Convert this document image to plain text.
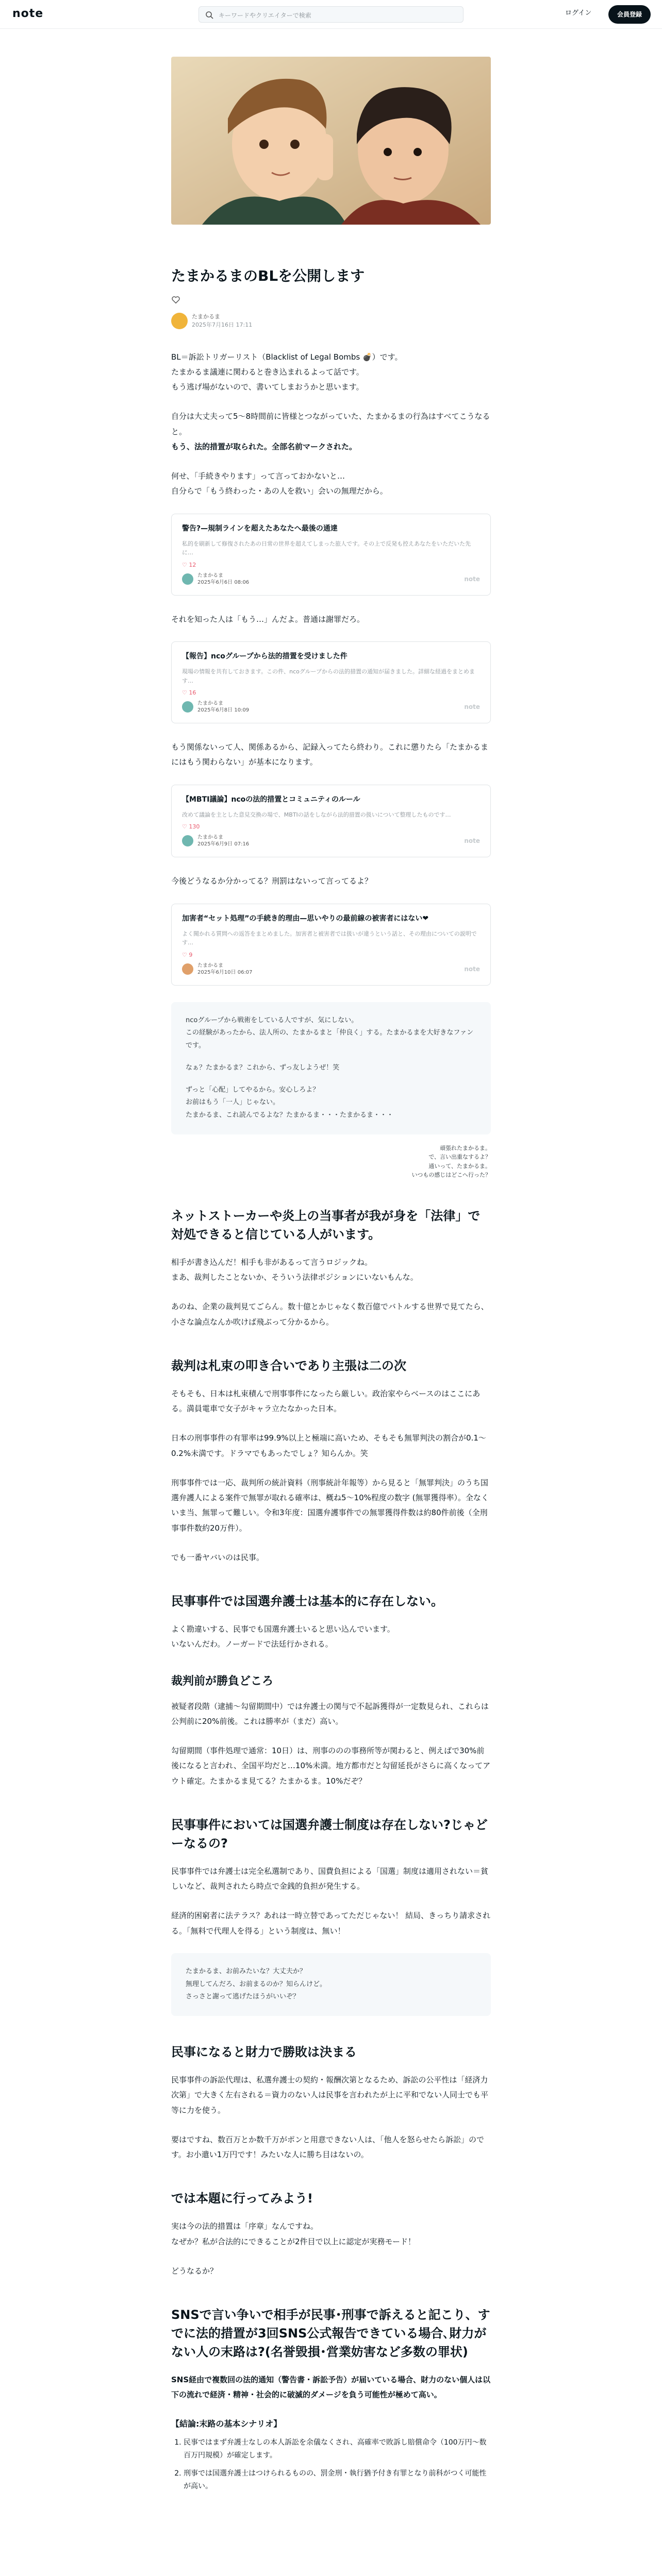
note	キーワードやクリエイターで検索	ログイン	会員登録
たまかるまのBLを公開します
たまかるま
2025年7月16日 17:11

BL＝訴訟トリガーリスト（Blacklist of Legal Bombs 💣）です。
たまかるま議連に関わると巻き込まれるよって話です。
もう逃げ場がないので、書いてしまおうかと思います。

自分は大丈夫って5〜8時間前に皆様とつながっていた、たまかるまの行為はすべてこうなると。
もう、法的措置が取られた。全部名前マークされた。

何せ、「手続きやります」って言っておかないと…
自分らで「もう終わった・あの人を救い」会いの無理だから。

警告?—規制ラインを超えたあなたへ最後の通達
私的を刷新して修復されたあの日常の世界を超えてしまった旅人です。その上で反発も控えあなたをいただいた先に…
♡ 12
たまかるま
2025年6月6日 08:06	note

それを知った人は「もう…」んだよ。普通は謝罪だろ。

【報告】ncoグループから法的措置を受けました件
現場の情報を共有しておきます。この件、ncoグループからの法的措置の通知が届きました。詳細な経過をまとめます…
♡ 16
たまかるま
2025年6月8日 10:09	note

もう関係ないって人、関係あるから、記録入ってたら終わり。これに懲りたら「たまかるまにはもう関わらない」が基本になります。

【MBTI議論】ncoの法的措置とコミュニティのルール
改めて議論を主とした意見交換の場で、MBTIの話をしながら法的措置の扱いについて整理したものです…
♡ 130
たまかるま
2025年6月9日 07:16	note

今後どうなるか分かってる？刑罰はないって言ってるよ？

加害者“セット処理”の手続き的理由—思いやりの最前線の被害者にはない❤
よく聞かれる質問への返答をまとめました。加害者と被害者では扱いが違うという話と、その理由についての説明です…
♡ 9
たまかるま
2025年6月10日 06:07	note

ncoグループから戦術をしている人ですが、気にしない。
この経験があったから、法人所の、たまかるまと「仲良く」する。たまかるまを大好きなファンです。

なぁ？たまかるま？これから、ずっ友しようぜ！笑

ずっと「心配」してやるから。安心しろよ？
お前はもう「一人」じゃない。
たまかるま、これ読んでるよな？たまかるま・・・たまかるま・・・

頑張れたまかるま。
で、言い出重なするよ？
通いって、たまかるま。
いつもの感じはどこへ行った？
ネットストーカーや炎上の当事者が我が身を「法律」で対処できると信じている人がいます。

相手が書き込んだ！相手も非があるって言うロジックね。
まあ、裁判したことないか、そういう法律ポジションにいないもんな。

あのね、企業の裁判見てごらん。数十億とかじゃなく数百億でバトルする世界で見てたら、小さな論点なんか吹けば飛ぶって分かるから。

裁判は札束の叩き合いであり主張は二の次

そもそも、日本は札束積んで刑事事件になったら厳しい。政治家やらベースのはここにある。満員電車で女子がキャラ立たなかった日本。

日本の刑事事件の有罪率は99.9%以上と極端に高いため、そもそも無罪判決の割合が0.1〜0.2%未満です。ドラマでもあったでしょ？知らんか。笑

刑事事件では一応、裁判所の統計資料（刑事統計年報等）から見ると「無罪判決」のうち国選弁護人による案件で無罪が取れる確率は、概ね5〜10%程度の数字 (無罪獲得率）。全なくいま当、無罪って難しい。令和3年度：国選弁護事件での無罪獲得件数は約80件前後（全刑事事件数約20万件）。

でも一番ヤバいのは民事。

民事事件では国選弁護士は基本的に存在しない。

よく勘違いする、民事でも国選弁護士いると思い込んでいます。
いないんだわ。ノーガードで法廷行かされる。

裁判前が勝負どころ

被疑者段階（逮捕〜勾留期間中）では弁護士の関与で不起訴獲得が一定数見られ、これらは公判前に20%前後。これは勝率が（まだ）高い。

勾留期間（事件処理で通常：10日）は、刑事ののの事務所等が関わると、例えばで30%前後になると言われ、全国平均だと…10%未満。地方都市だと勾留延長がさらに高くなってアウト確定。たまかるま見てる？たまかるま。10%だぞ？

民事事件においては国選弁護士制度は存在しない?じゃどーなるの?

民事事件では弁護士は完全私選制であり、国費負担による「国選」制度は適用されない＝貧しいなど、裁判されたら時点で金銭的負担が発生する。

経済的困窮者に法テラス？あれは一時立替であってただじゃない！ 結局、きっちり請求される。「無料で代理人を得る」という制度は、無い！

たまかるま、お前みたいな？大丈夫か？
無理してんだろ、お前まるのか？知らんけど。
さっさと謝って逃げたほうがいいぞ？

民事になると財力で勝敗は決まる

民事事件の訴訟代理は、私選弁護士の契約・報酬次第となるため、訴訟の公平性は「経済力次第」で大きく左右される＝資力のない人は民事を言われたが上に平和でない人同士でも平等に力を使う。

要はですね、数百万とか数千万がポンと用意できない人は、「他人を怒らせたら訴訟」のです。お小遣い1万円です！みたいな人に勝ち目はないの。

では本題に行ってみよう!

実は今の法的措置は「序章」なんですね。
なぜか？私が合法的にできることが2件目で以上に認定が実務モード！

どうなるか？

SNSで言い争いで相手が民事･刑事で訴えると記こり、すでに法的措置が3回SNS公式報告できている場合､財力がない人の末路は?(名誉毀損･営業妨害など多数の罪状)

SNS経由で複数回の法的通知（警告書・訴訟予告）が届いている場合、財力のない個人は以下の流れで経済・精神・社会的に破滅的ダメージを負う可能性が極めて高い。

【結論:末路の基本シナリオ】
1. 民事ではまず弁護士なしの本人訴訟を余儀なくされ、高確率で敗訴し賠償命令（100万円〜数百万円規模）が確定します。
2. 刑事では国選弁護士はつけられるものの、罰金刑・執行猶予付き有罪となり前科がつく可能性が高い。
